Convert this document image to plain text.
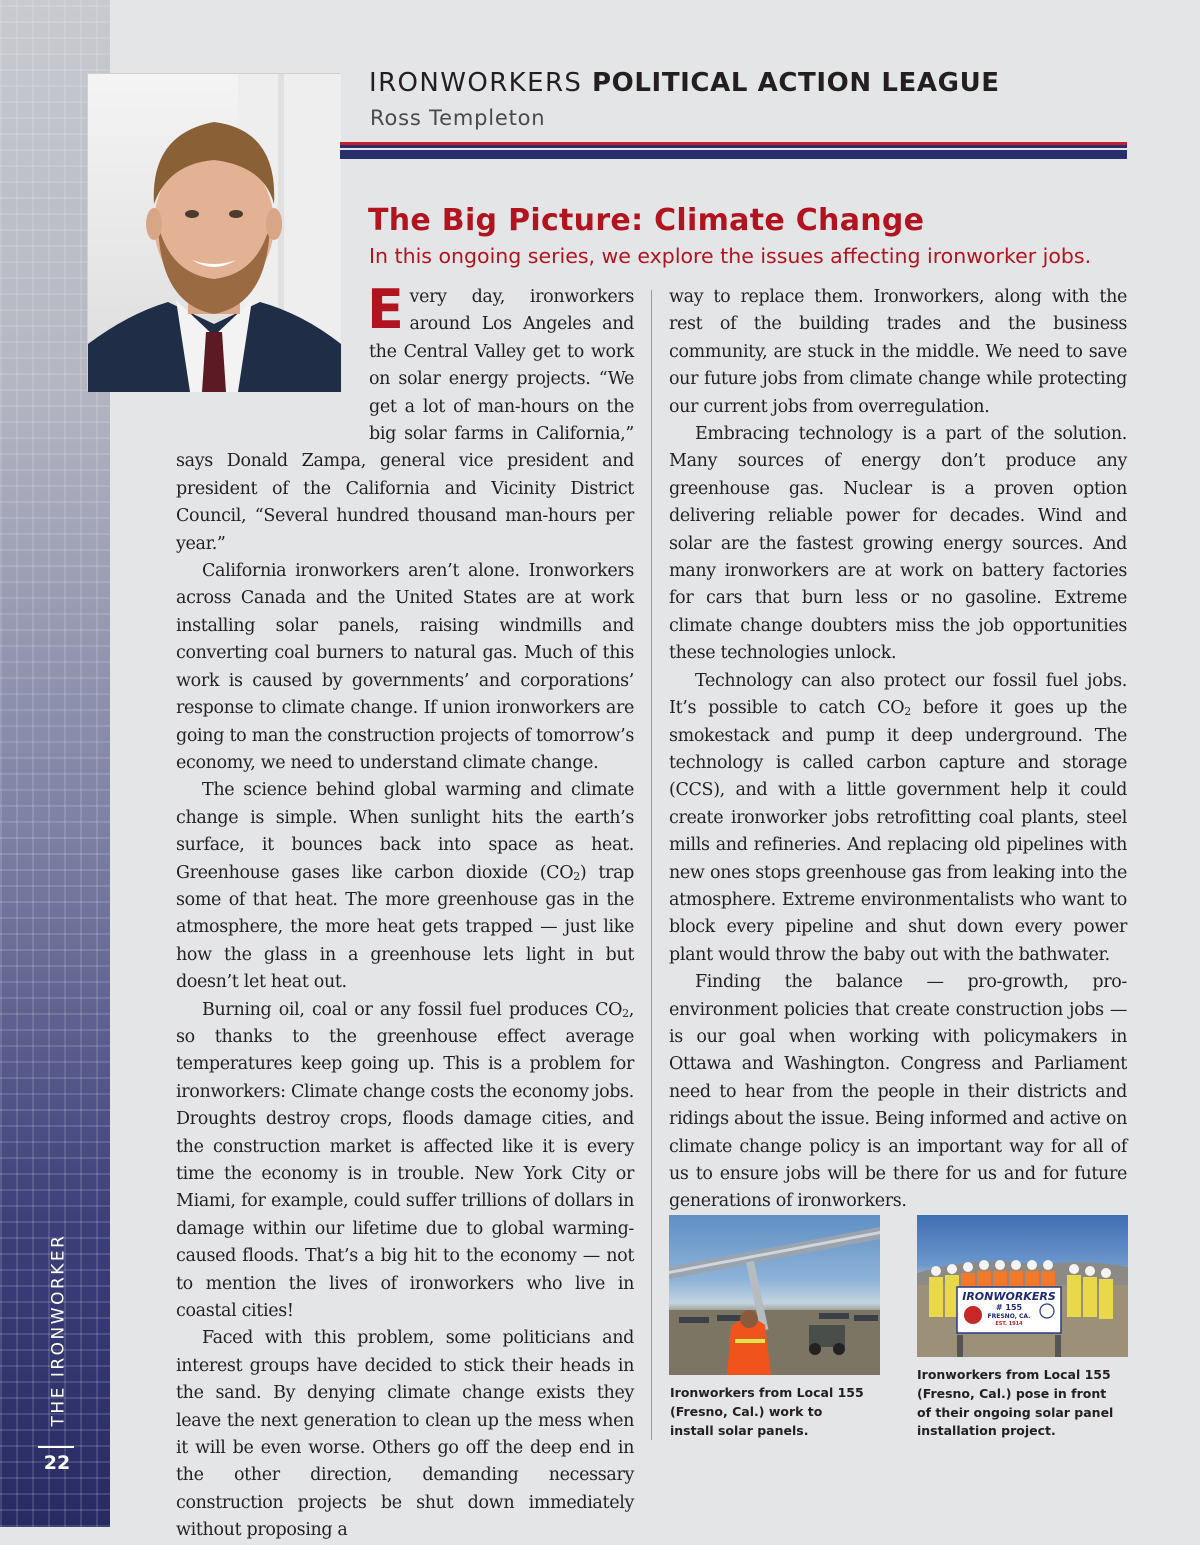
THE IRONWORKER
22
IRONWORKERS POLITICAL ACTION LEAGUE
Ross Templeton
The Big Picture: Climate Change
In this ongoing series, we explore the issues affecting ironworker jobs.

Every day, ironworkers around Los Angeles and the Central Valley get to work on solar energy projects. “We get a lot of man-hours on the big solar farms in California,” says Donald Zampa, general vice president and president of the California and Vicinity District Council, “Several hundred thousand man-hours per year.”

California ironworkers aren’t alone. Ironworkers across Canada and the United States are at work installing solar panels, raising windmills and converting coal burners to natural gas. Much of this work is caused by governments’ and corporations’ response to climate change. If union ironworkers are going to man the construction projects of tomorrow’s economy, we need to understand climate change.

The science behind global warming and climate change is simple. When sunlight hits the earth’s surface, it bounces back into space as heat. Greenhouse gases like carbon dioxide $(CO_2)$ trap some of that heat. The more greenhouse gas in the atmosphere, the more heat gets trapped — just like how the glass in a greenhouse lets light in but doesn’t let heat out.

Burning oil, coal or any fossil fuel produces $CO_2$, so thanks to the greenhouse effect average temperatures keep going up. This is a problem for ironworkers: Climate change costs the economy jobs. Droughts destroy crops, floods damage cities, and the construction market is affected like it is every time the economy is in trouble. New York City or Miami, for example, could suffer trillions of dollars in damage within our lifetime due to global warming-caused floods. That’s a big hit to the economy — not to mention the lives of ironworkers who live in coastal cities!

Faced with this problem, some politicians and interest groups have decided to stick their heads in the sand. By denying climate change exists they leave the next generation to clean up the mess when it will be even worse. Others go off the deep end in the other direction, demanding necessary construction projects be shut down immediately without proposing a

way to replace them. Ironworkers, along with the rest of the building trades and the business community, are stuck in the middle. We need to save our future jobs from climate change while protecting our current jobs from overregulation.

Embracing technology is a part of the solution. Many sources of energy don’t produce any greenhouse gas. Nuclear is a proven option delivering reliable power for decades. Wind and solar are the fastest growing energy sources. And many ironworkers are at work on battery factories for cars that burn less or no gasoline. Extreme climate change doubters miss the job opportunities these technologies unlock.

Technology can also protect our fossil fuel jobs. It’s possible to catch $CO_2$ before it goes up the smokestack and pump it deep underground. The technology is called carbon capture and storage (CCS), and with a little government help it could create ironworker jobs retrofitting coal plants, steel mills and refineries. And replacing old pipelines with new ones stops greenhouse gas from leaking into the atmosphere. Extreme environmentalists who want to block every pipeline and shut down every power plant would throw the baby out with the bathwater.

Finding the balance — pro-growth, pro-environment policies that create construction jobs — is our goal when working with policymakers in Ottawa and Washington. Congress and Parliament need to hear from the people in their districts and ridings about the issue. Being informed and active on climate change policy is an important way for all of us to ensure jobs will be there for us and for future generations of ironworkers.

Ironworkers from Local 155 (Fresno, Cal.) work to install solar panels.
IRONWORKERS
# 155
FRESNO, CA.
EST. 1914
Ironworkers from Local 155 (Fresno, Cal.) pose in front of their ongoing solar panel installation project.
